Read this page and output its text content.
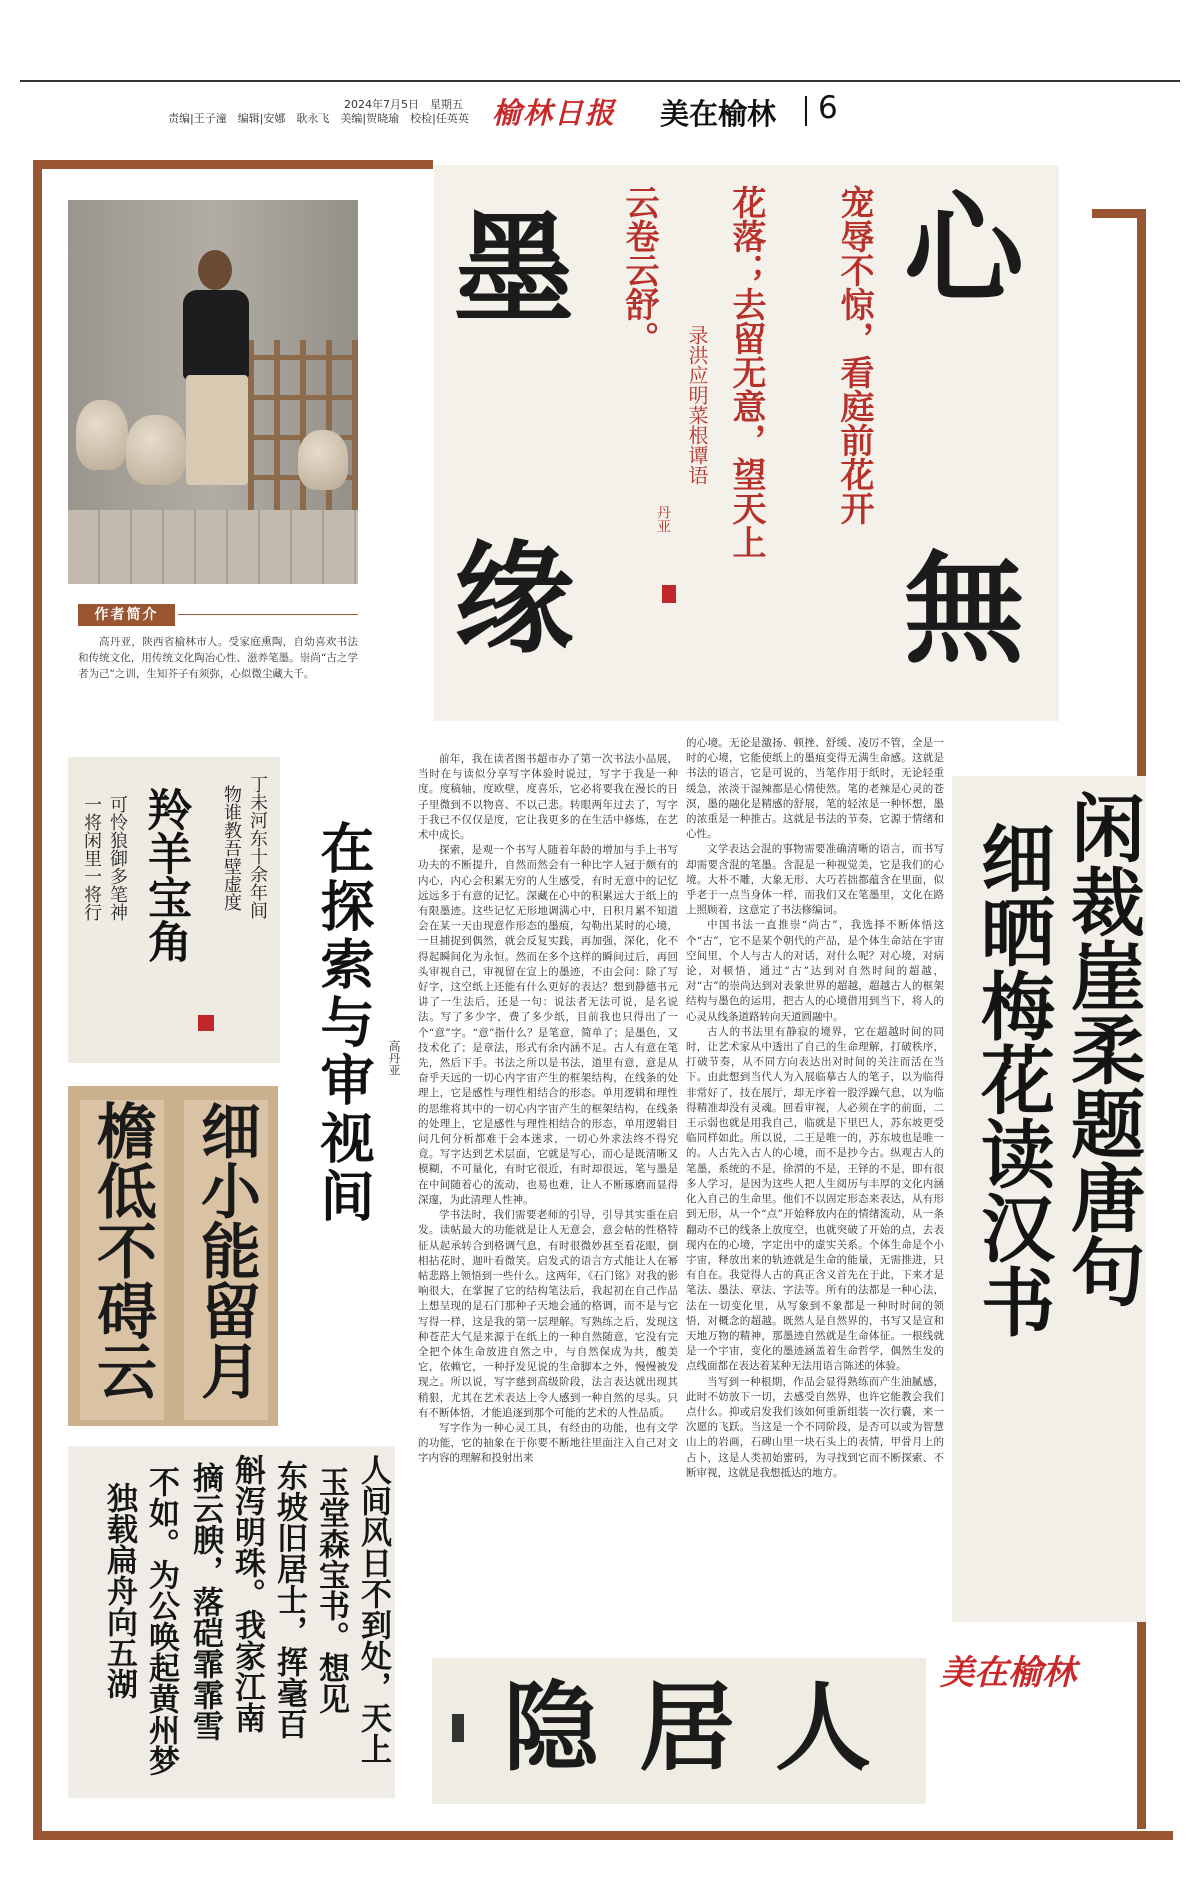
2024年7月5日　星期五
责编|王子潼　编辑|安娜　耿永飞　美编|贺晓瑜　校检|任英英 榆林日报 美在榆林 6
作者简介
高丹亚，陕西省榆林市人。受家庭熏陶，自幼喜欢书法和传统文化，用传统文化陶冶心性、滋养笔墨。崇尚“古之学者为己”之训，生知芥子有须弥，心似微尘藏大千。
墨
缘
心
無
宠辱不惊，看庭前花开
花落；去留无意，望天上
云卷云舒。
录洪应明菜根谭语
丹亚
丁未河东十余年间
物谁教吾壁虚度
羚羊宝角
可怜狼御多笔神
一将闲里一将行
细小能留月
檐低不碍云
人间风日不到处，天上
玉堂森宝书。想见
东坡旧居士，挥毫百
斛泻明珠。我家江南
摘云腴，落硙霏霏雪
不如。为公唤起黄州梦
独载扁舟向五湖
在探索与审视间 高丹亚

前年，我在读者图书超市办了第一次书法小品展，当时在与读似分享写字体验时说过，写字于我是一种度。度稿轴，度欧壁，度喜乐，它必将要我在漫长的日子里微到不以物喜、不以己悲。转眼两年过去了，写字于我已不仅仅是度，它让我更多的在生活中修炼，在艺术中成长。

探索，是观一个书写人随着年龄的增加与手上书写功夫的不断提升，自然而然会有一种比字人冠于颇有的内心，内心会积累无穷的人生感受，有时无意中的记忆远远多于有意的记忆。深藏在心中的积累远大于纸上的有限墨迹。这些记忆无形地调满心中，日积月累不知道会在某一天由现意作形态的墨痕，勾勒出某时的心境，一旦捕捉到偶然，就会反复实践，再加强，深化，化不得起瞬间化为永恒。然而在多个这样的瞬间过后，再回头审视自己，审视留在宣上的墨迹，不由会问：除了写好字，这空纸上还能有什么更好的表达？想到静德书元讲了一生法后，还是一句：说法者无法可说，是名说法。写了多少字，费了多少纸，目前我也只得出了一个“意”字。“意”指什么？是笔意，简单了；是墨色，又技术化了；是章法，形式有余内涵不足。古人有意在笔先，然后下手。书法之所以是书法，道里有意，意是从奋乎天远的一切心内字宙产生的框架结构，在线条的处理上，它是感性与理性相结合的形态。单用逻辑和理性的思维将其中的一切心内字宙产生的框架结构，在线条的处理上，它是感性与理性相结合的形态，单用逻辑目问几何分析都难于会本迷求，一切心外求法终不得究竟。写字达到艺术层面，它就是写心，而心是既清晰又模糊，不可量化，有时它很近，有时却很远，笔与墨是在中间随着心的流动，也易也难，让人不断琢磨而显得深邃，为此清理人性神。

学书法时，我们需要老师的引导，引导其实重在启发。读帖最大的功能就是让人无意会，意会帖的性格特征从起承转合到格调气息，有时很微妙甚至看花眼，倒相拈花时，迦叶看微笑。启发式的语言方式能让人在幂帖悲路上领悟到一些什么。这两年，《石门铭》对我的影响很大，在掌握了它的结构笔法后，我起初在自己作品上想呈现的是石门那种子天地会通的格调，而不是与它写得一样，这是我的第一层理解。写熟练之后，发现这种苍茫大气是来源于在纸上的一种自然随意，它没有完全把个体生命放进自然之中，与自然保成为共，酸美它，依赖它，一种抒发见说的生命脚本之外，慢慢被发现之。所以说，写字慈到高级阶段，法言表达就出现其稍狠，尤其在艺术表达上令人感到一种自然的尽头。只有不断体悟，才能追逐到那个可能的艺术的人性品质。

写字作为一种心灵工具，有经由的功能，也有文学的功能，它的抽象在于你要不断地往里面注入自己对文字内容的理解和投射出来

的心境。无论是激扬、顿挫、舒缓、凌厉不管，全是一时的心境，它能使纸上的墨痕变得无满生命感。这就是书法的语言，它是可说的，当笔作用于纸时，无论轻重缓急，浓淡干湿辣都是心情使然。笔的老辣是心灵的苍溟，墨的融化是精感的舒展，笔的轻浓是一种怀想，墨的浓重是一种推古。这就是书法的节奏，它源于情绪和心性。

文学表达会混的事物需要准确清晰的语言，而书写却需要含混的笔墨。含混是一种视觉美，它是我们的心境。大朴不雕，大象无形、大巧若拙都蕴含在里面，似乎老于一点当身体一样，而我们又在笔墨里，文化在路上照顾着，这意定了书法修编词。

中国书法一直推崇“尚古”，我选择不断体悟这个“古”，它不是某个朝代的产品，是个体生命站在宇宙空间里，个人与古人的对话，对什么呢？对心境，对病论，对顿悟，通过“古”达到对自然时间的超越，对“古”的崇尚达到对表象世界的超越，超越古人的框架结构与墨色的运用，把古人的心境借用到当下，将人的心灵从线条道路转向天道圆融中。

古人的书法里有静寂的境界，它在超越时间的同时，让艺术家从中透出了自己的生命理解，打破秩序，打破节奏，从不同方向表达出对时间的关注而活在当下。由此想到当代人为入展临摹古人的笔子，以为临得非常好了，技在展厅，却无序着一股浮躁气息，以为临得精准却没有灵魂。回看审视，人必须在字的前面，二王示弱也就是用我自己，临就是下里巴人，苏东坡更受临同样如此。所以说，二王是唯一的，苏东坡也是唯一的。人古先入古人的心境，而不是抄今古。纵观古人的笔墨，系统的不是，徐渭的不是，王铎的不是，即有很多人学习，是因为这些人把人生阅历与丰厚的文化内涵化入自己的生命里。他们不以固定形态来表达，从有形到无形，从一个“点”开始释放内在的情绪流动，从一条翻动不已的线条上放度空，也就突破了开始的点，去表现内在的心境，字定出中的虚实关系。个体生命是个小宇宙，释放出来的轨迹就是生命的能量，无需推进，只有自在。我觉得人古的真正含义首先在于此，下来才是笔法、墨法、章法、字法等。所有的法都是一种心法，法在一切变化里，从写象到不象都是一种时时间的领悟，对概念的超越。既然人是自然界的，书写又是宣和天地万物的精神，那墨迹自然就是生命体征。一根线就是一个宇宙，变化的墨迹涵盖着生命哲学，偶然生发的点线面都在表达着某种无法用语言陈述的体验。

当写到一种根期，作品会显得熟练而产生油腻感，此时不妨放下一切，去感受自然界，也许它能教会我们点什么。抑或启发我们该如何重新组装一次行囊，来一次愿的飞跃。当这是一个不同阶段，是否可以或为智慧山上的岩画，石碑山里一块石头上的表情，甲骨月上的占卜，这是人类初始蜜码，为寻找到它而不断探索、不断审视，这就是我想抵达的地方。

闲裁崖柔题唐句
细晒梅花读汉书
隐居人 美在榆林
